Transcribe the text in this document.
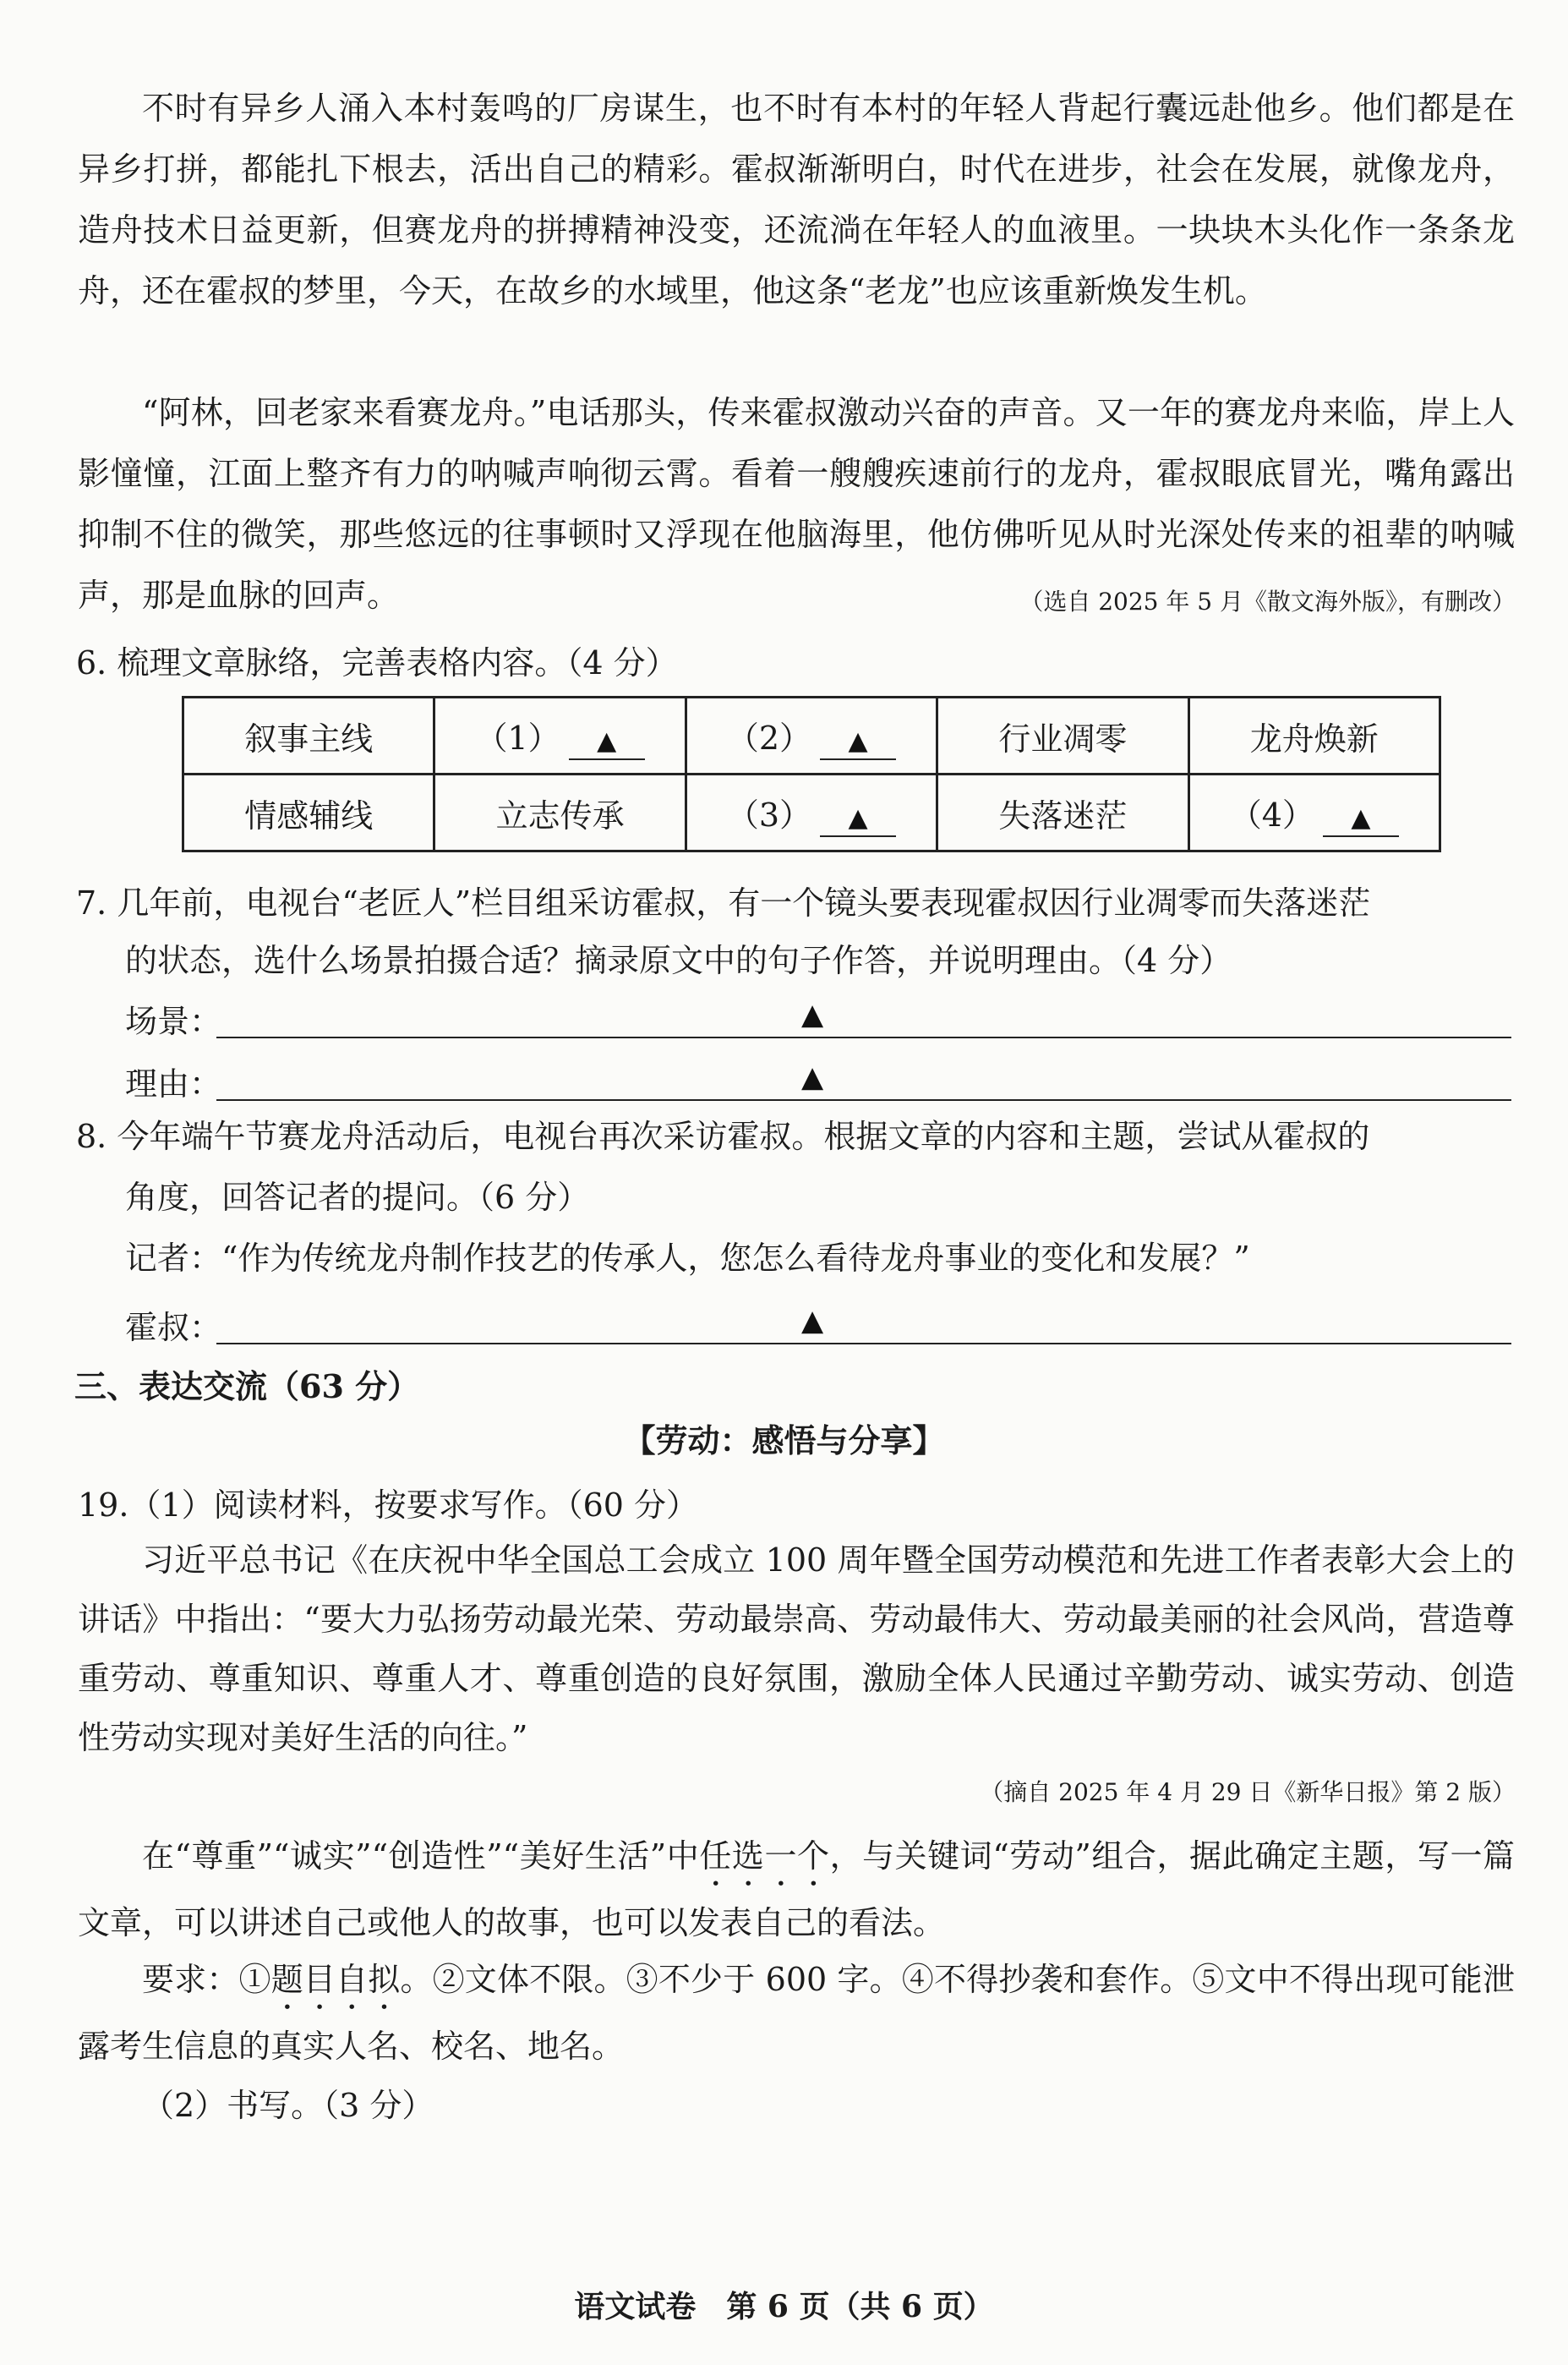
不时有异乡人涌入本村轰鸣的厂房谋生，也不时有本村的年轻人背起行囊远赴他乡。他们都是在异乡打拼，都能扎下根去，活出自己的精彩。霍叔渐渐明白，时代在进步，社会在发展，就像龙舟，造舟技术日益更新，但赛龙舟的拼搏精神没变，还流淌在年轻人的血液里。一块块木头化作一条条龙舟，还在霍叔的梦里，今天，在故乡的水域里，他这条“老龙”也应该重新焕发生机。

“阿林，回老家来看赛龙舟。”电话那头，传来霍叔激动兴奋的声音。又一年的赛龙舟来临，岸上人影憧憧，江面上整齐有力的呐喊声响彻云霄。看着一艘艘疾速前行的龙舟，霍叔眼底冒光，嘴角露出抑制不住的微笑，那些悠远的往事顿时又浮现在他脑海里，他仿佛听见从时光深处传来的祖辈的呐喊声，那是血脉的回声。	（选自 2025 年 5 月《散文海外版》，有删改）

6. 梳理文章脉络，完善表格内容。（4 分）

叙事主线	（1） ▲	（2） ▲	行业凋零	龙舟焕新
情感辅线	立志传承	（3） ▲	失落迷茫	（4） ▲

7. 几年前，电视台“老匠人”栏目组采访霍叔，有一个镜头要表现霍叔因行业凋零而失落迷茫

的状态，选什么场景拍摄合适？摘录原文中的句子作答，并说明理由。（4 分）

场景：	▲
理由：	▲

8. 今年端午节赛龙舟活动后，电视台再次采访霍叔。根据文章的内容和主题，尝试从霍叔的

角度，回答记者的提问。（6 分）

记者：“作为传统龙舟制作技艺的传承人，您怎么看待龙舟事业的变化和发展？”

霍叔：	▲

三、表达交流（63 分）

【劳动：感悟与分享】

19.（1）阅读材料，按要求写作。（60 分）

习近平总书记《在庆祝中华全国总工会成立 100 周年暨全国劳动模范和先进工作者表彰大会上的讲话》中指出：“要大力弘扬劳动最光荣、劳动最崇高、劳动最伟大、劳动最美丽的社会风尚，营造尊重劳动、尊重知识、尊重人才、尊重创造的良好氛围，激励全体人民通过辛勤劳动、诚实劳动、创造性劳动实现对美好生活的向往。”

（摘自 2025 年 4 月 29 日《新华日报》第 2 版）

在“尊重”“诚实”“创造性”“美好生活”中任选一个，与关键词“劳动”组合，据此确定主题，写一篇文章，可以讲述自己或他人的故事，也可以发表自己的看法。

要求：①题目自拟。②文体不限。③不少于 600 字。④不得抄袭和套作。⑤文中不得出现可能泄露考生信息的真实人名、校名、地名。

（2）书写。（3 分）

语文试卷　第 6 页（共 6 页）
